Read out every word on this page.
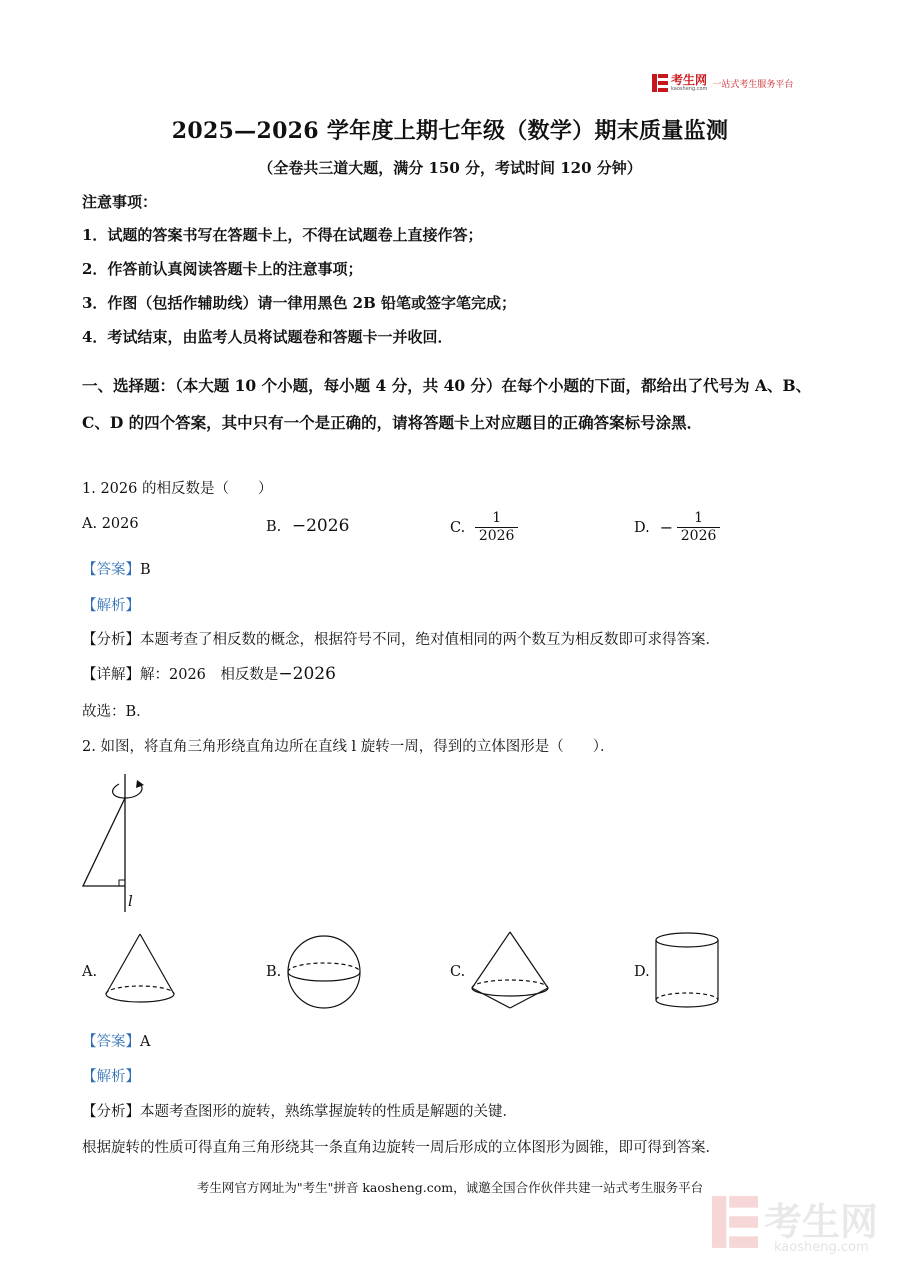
考生网
kaosheng.com 一站式考生服务平台
2025—2026 学年度上期七年级（数学）期末质量监测
（全卷共三道大题，满分 150 分，考试时间 120 分钟）
注意事项：
1．试题的答案书写在答题卡上，不得在试题卷上直接作答；
2．作答前认真阅读答题卡上的注意事项；
3．作图（包括作辅助线）请一律用黑色 2B 铅笔或签字笔完成；
4．考试结束，由监考人员将试题卷和答题卡一并收回．
一、选择题：（本大题 10 个小题，每小题 4 分，共 40 分）在每个小题的下面，都给出了代号为 A、B、C、D 的四个答案，其中只有一个是正确的，请将答题卡上对应题目的正确答案标号涂黑．
1. 2026 的相反数是（　　）
A. 2026	B. −2026	C. $\frac{1}{2026}$	D. − $\frac{1}{2026}$
【答案】B
【解析】
【分析】本题考查了相反数的概念，根据符号不同，绝对值相同的两个数互为相反数即可求得答案．
【详解】解：2026　相反数是−2026
故选：B．
2. 如图，将直角三角形绕直角边所在直线 l 旋转一周，得到的立体图形是（　　）．
l
A.	B.	C.	D.
【答案】A
【解析】
【分析】本题考查图形的旋转，熟练掌握旋转的性质是解题的关键．
根据旋转的性质可得直角三角形绕其一条直角边旋转一周后形成的立体图形为圆锥，即可得到答案．
考生网官方网址为"考生"拼音 kaosheng.com，诚邀全国合作伙伴共建一站式考生服务平台
考生网
kaosheng.com
